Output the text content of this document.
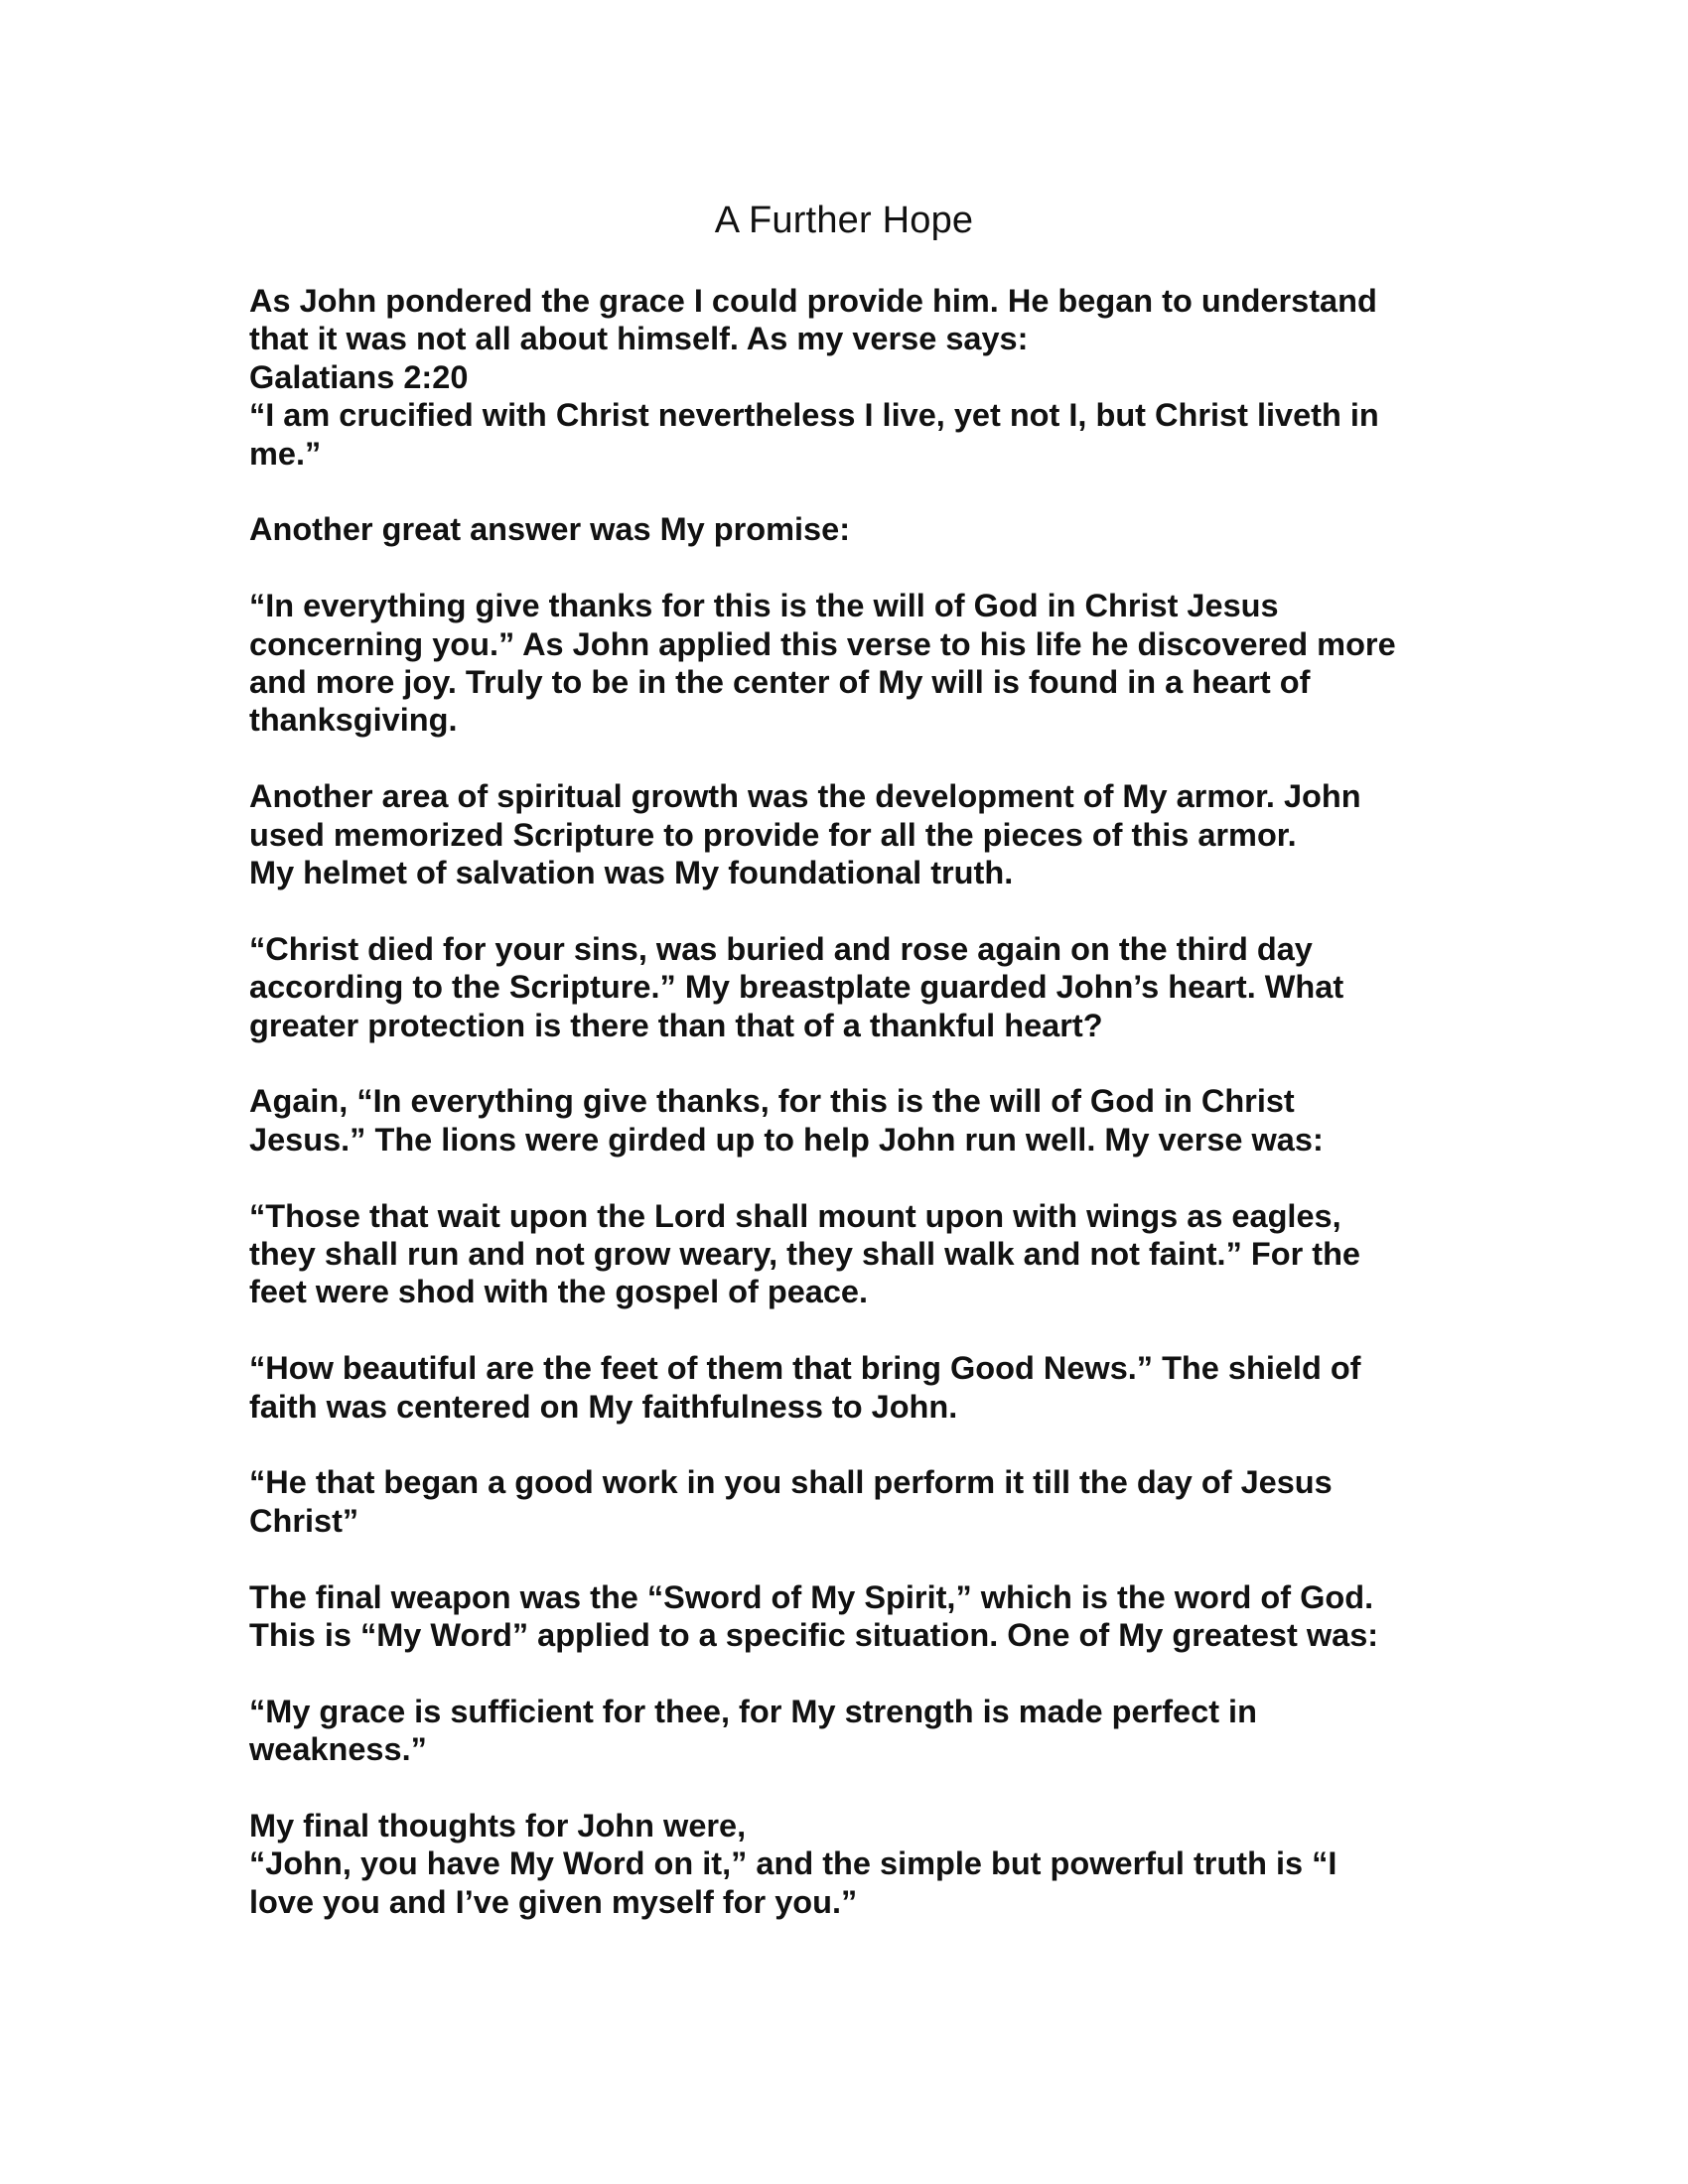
A Further Hope

As John pondered the grace I could provide him. He began to understand
that it was not all about himself. As my verse says:
Galatians 2:20
“I am crucified with Christ nevertheless I live, yet not I, but Christ liveth in
me.”

Another great answer was My promise:

“In everything give thanks for this is the will of God in Christ Jesus
concerning you.” As John applied this verse to his life he discovered more
and more joy. Truly to be in the center of My will is found in a heart of
thanksgiving.

Another area of spiritual growth was the development of My armor. John
used memorized Scripture to provide for all the pieces of this armor.
My helmet of salvation was My foundational truth.

“Christ died for your sins, was buried and rose again on the third day
according to the Scripture.” My breastplate guarded John’s heart. What
greater protection is there than that of a thankful heart?

Again, “In everything give thanks, for this is the will of God in Christ
Jesus.” The lions were girded up to help John run well. My verse was:

“Those that wait upon the Lord shall mount upon with wings as eagles,
they shall run and not grow weary, they shall walk and not faint.” For the
feet were shod with the gospel of peace.

“How beautiful are the feet of them that bring Good News.” The shield of
faith was centered on My faithfulness to John.

“He that began a good work in you shall perform it till the day of Jesus
Christ”

The final weapon was the “Sword of My Spirit,” which is the word of God.
This is “My Word” applied to a specific situation. One of My greatest was:

“My grace is sufficient for thee, for My strength is made perfect in
weakness.”

My final thoughts for John were,
“John, you have My Word on it,” and the simple but powerful truth is “I
love you and I’ve given myself for you.”
